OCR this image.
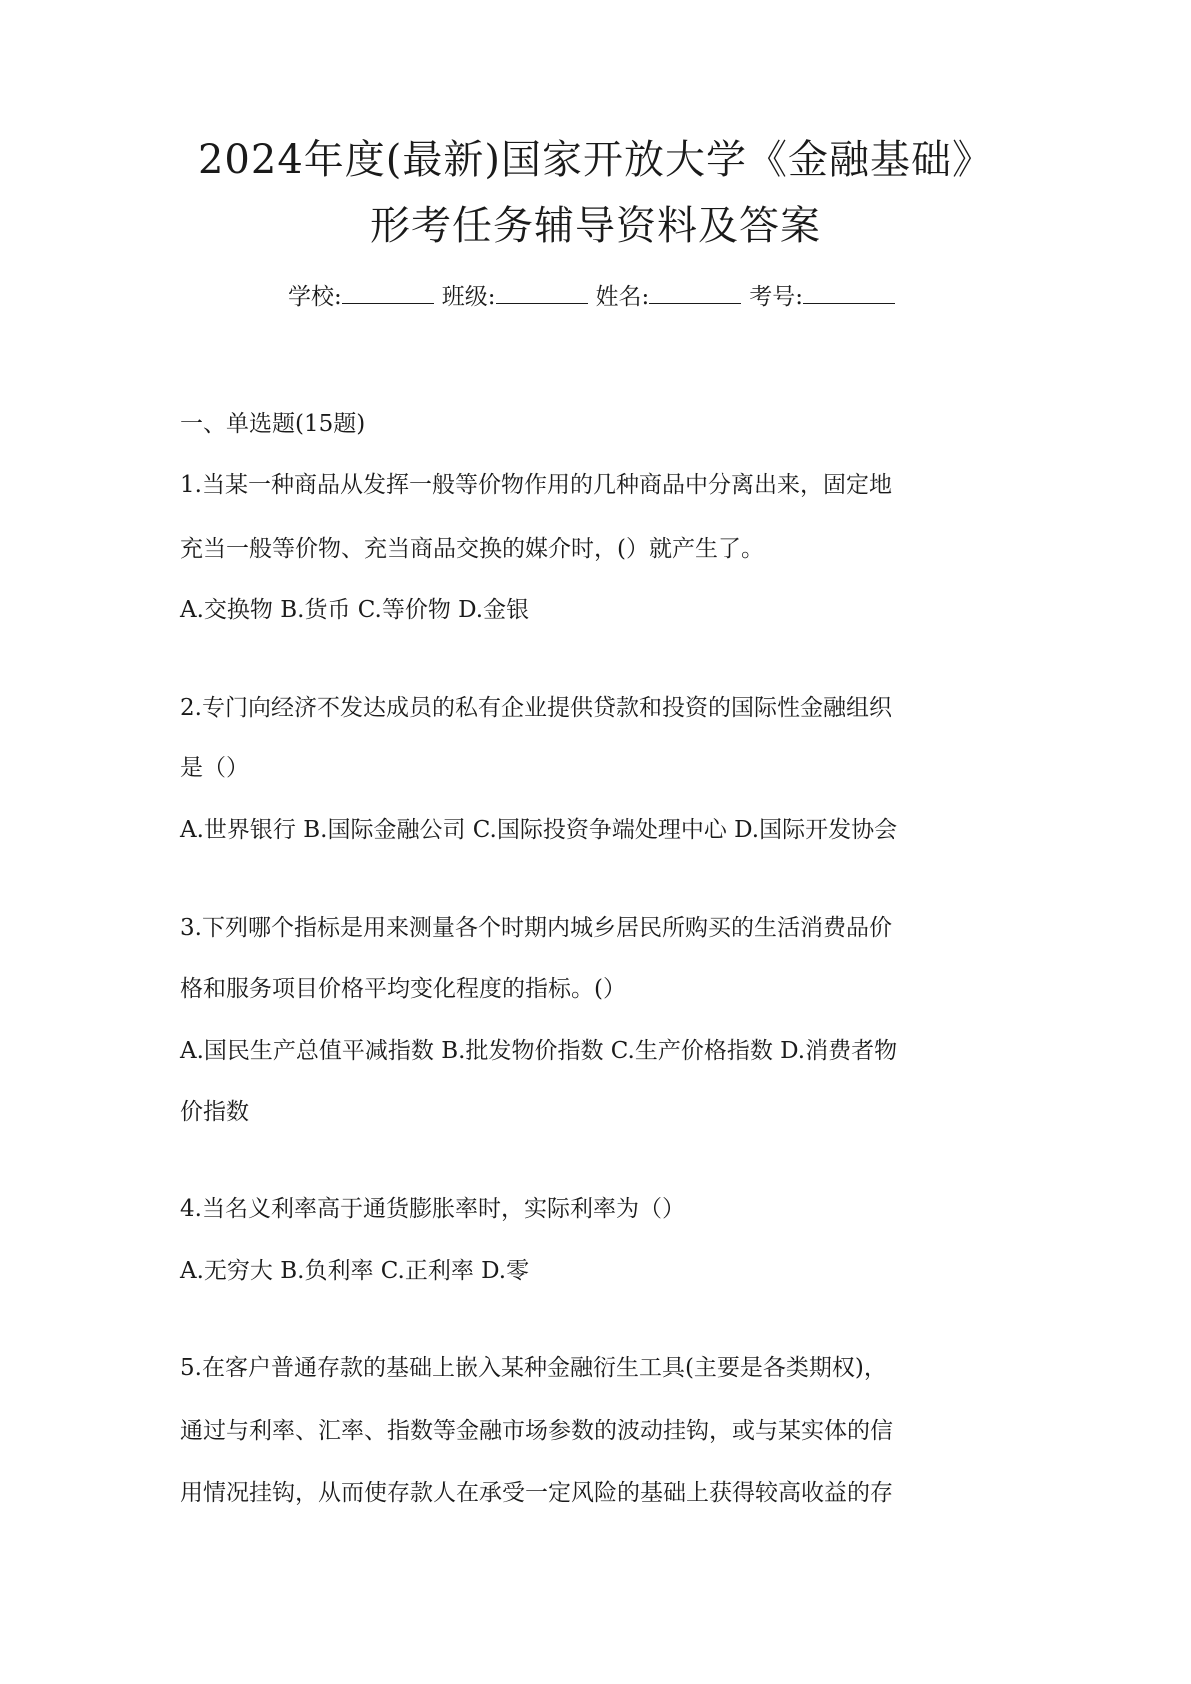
2024年度(最新)国家开放大学《金融基础》
形考任务辅导资料及答案
学校:	班级:	姓名:	考号:
一、单选题(15题)
1.当某一种商品从发挥一般等价物作用的几种商品中分离出来，固定地
充当一般等价物、充当商品交换的媒介时，(）就产生了。
A.交换物 B.货币 C.等价物 D.金银
2.专门向经济不发达成员的私有企业提供贷款和投资的国际性金融组织
是（）
A.世界银行 B.国际金融公司 C.国际投资争端处理中心 D.国际开发协会
3.下列哪个指标是用来测量各个时期内城乡居民所购买的生活消费品价
格和服务项目价格平均变化程度的指标。(）
A.国民生产总值平减指数 B.批发物价指数 C.生产价格指数 D.消费者物
价指数
4.当名义利率高于通货膨胀率时，实际利率为（）
A.无穷大 B.负利率 C.正利率 D.零
5.在客户普通存款的基础上嵌入某种金融衍生工具(主要是各类期权)，
通过与利率、汇率、指数等金融市场参数的波动挂钩，或与某实体的信
用情况挂钩，从而使存款人在承受一定风险的基础上获得较高收益的存
